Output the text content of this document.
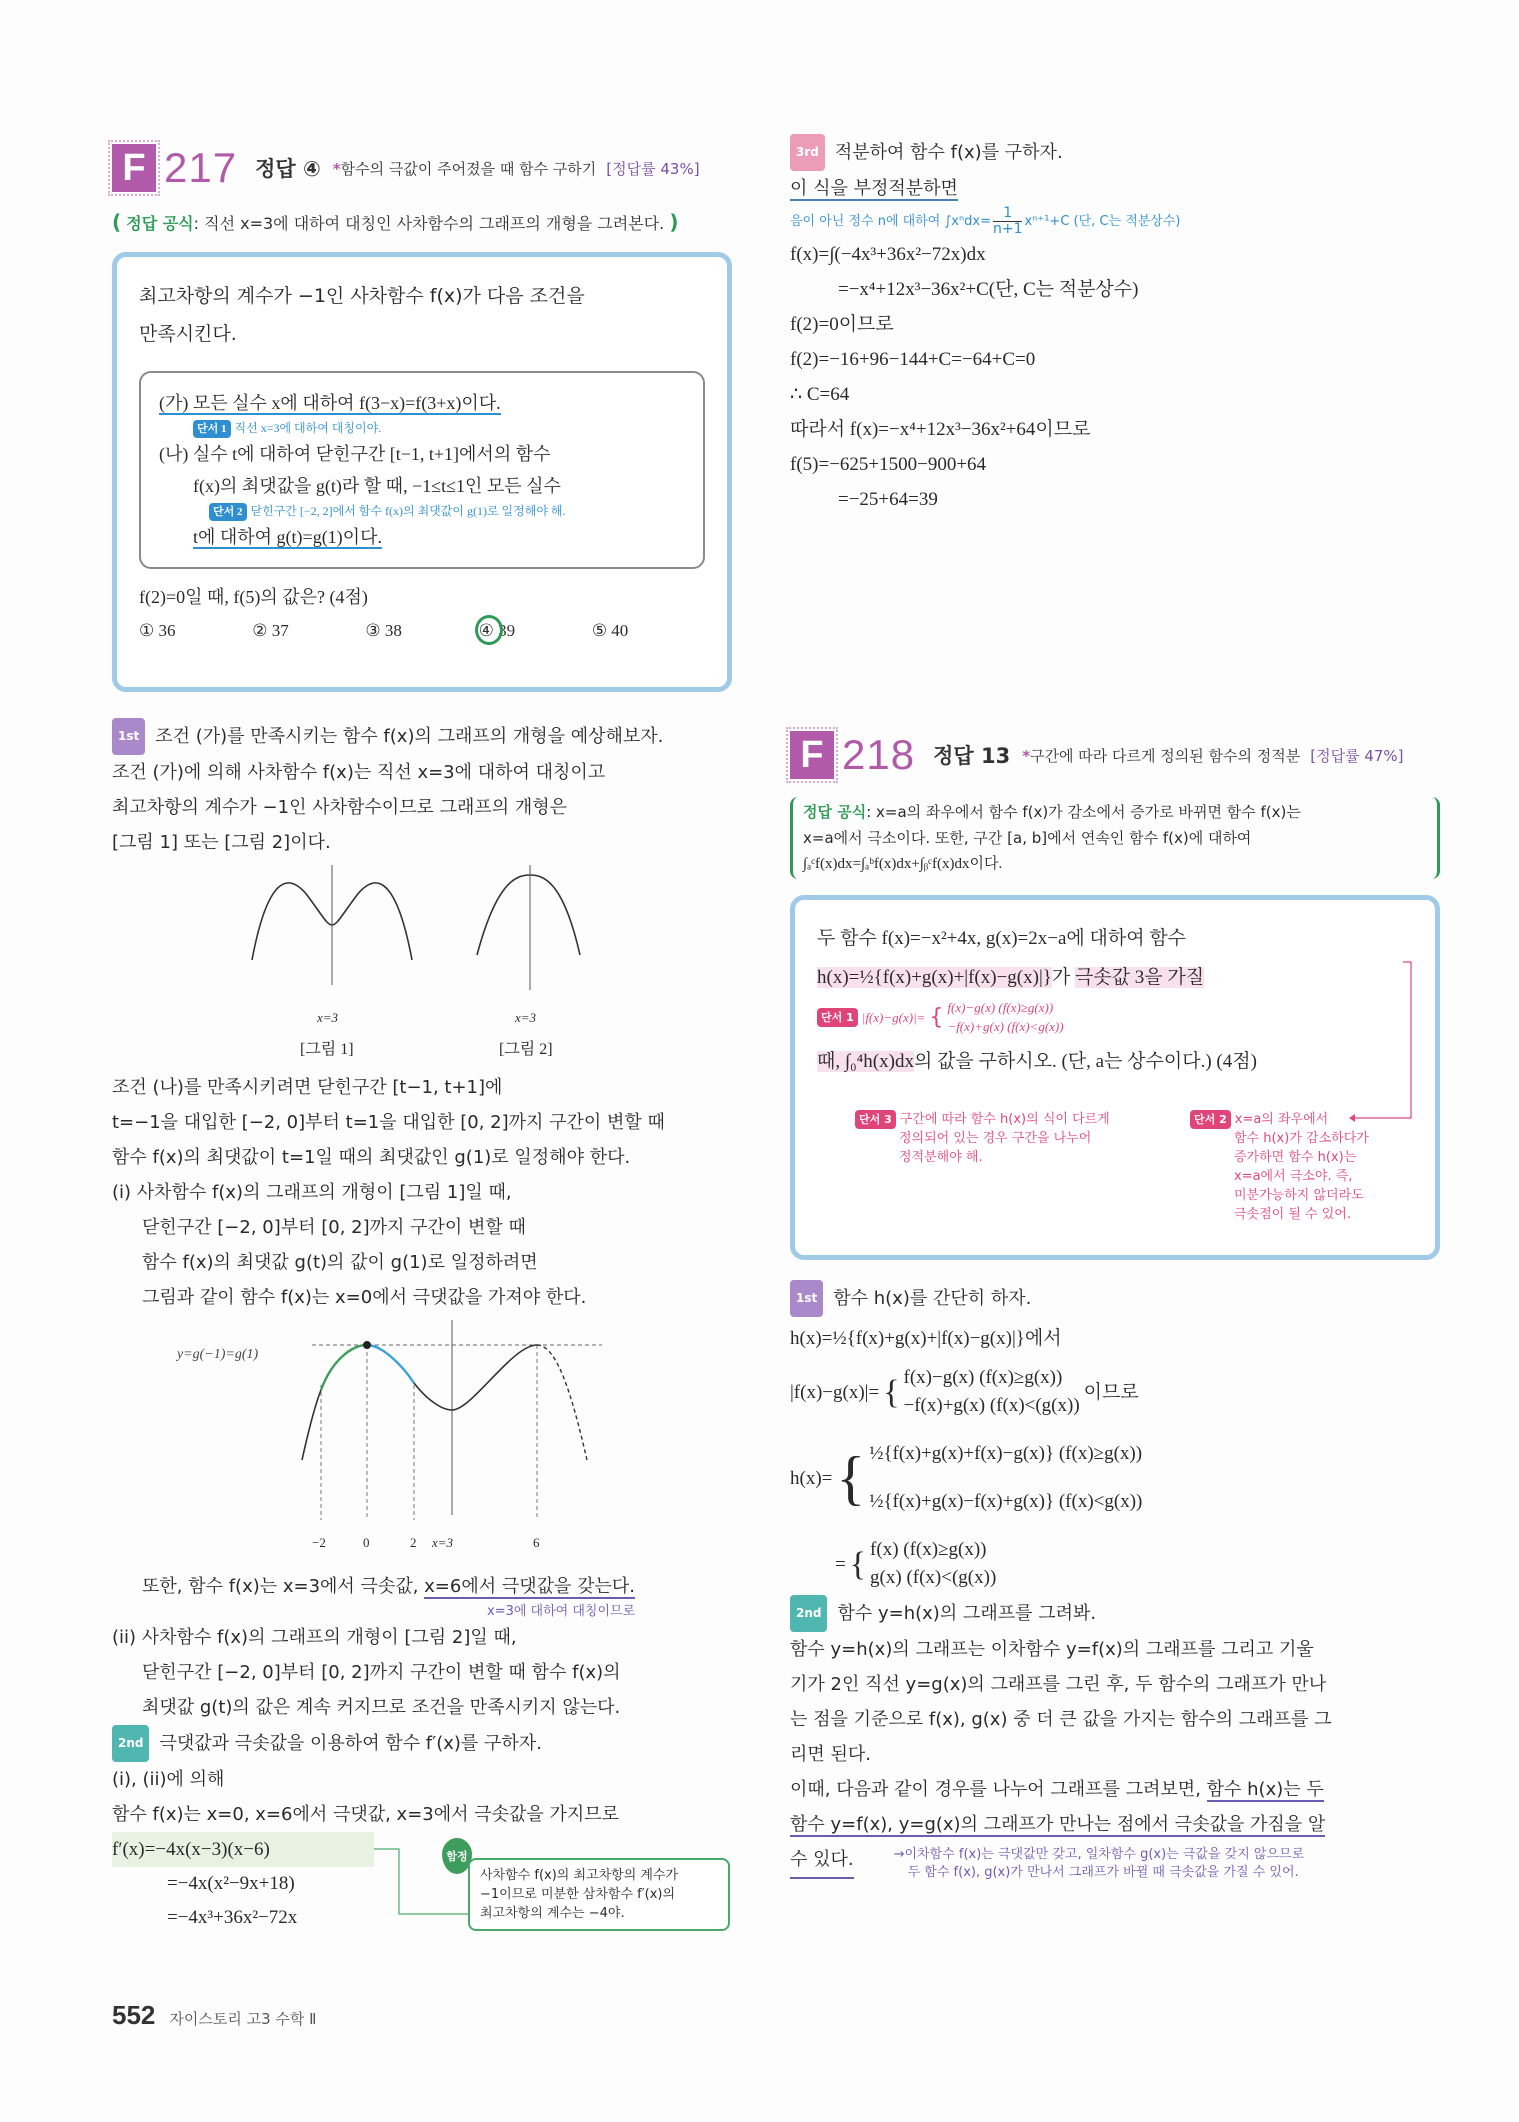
F 217 정답 ④ *함수의 극값이 주어졌을 때 함수 구하기 [정답률 43%]
( 정답 공식: 직선 x=3에 대하여 대칭인 사차함수의 그래프의 개형을 그려본다. )
최고차항의 계수가 −1인 사차함수 f(x)가 다음 조건을
만족시킨다.
(가) 모든 실수 x에 대하여 f(3−x)=f(3+x)이다.
단서 1 직선 x=3에 대하여 대칭이야.
(나) 실수 t에 대하여 닫힌구간 [t−1, t+1]에서의 함수
f(x)의 최댓값을 g(t)라 할 때, −1≤t≤1인 모든 실수
단서 2 닫힌구간 [−2, 2]에서 함수 f(x)의 최댓값이 g(1)로 일정해야 해.
t에 대하여 g(t)=g(1)이다.
f(2)=0일 때, f(5)의 값은? (4점)
① 36	② 37	③ 38	④ 39	⑤ 40
1st 조건 (가)를 만족시키는 함수 f(x)의 그래프의 개형을 예상해보자.
조건 (가)에 의해 사차함수 f(x)는 직선 x=3에 대하여 대칭이고
최고차항의 계수가 −1인 사차함수이므로 그래프의 개형은
[그림 1] 또는 [그림 2]이다.
x=3	x=3
[그림 1]	[그림 2]
조건 (나)를 만족시키려면 닫힌구간 [t−1, t+1]에
t=−1을 대입한 [−2, 0]부터 t=1을 대입한 [0, 2]까지 구간이 변할 때
함수 f(x)의 최댓값이 t=1일 때의 최댓값인 g(1)로 일정해야 한다.
(i) 사차함수 f(x)의 그래프의 개형이 [그림 1]일 때,
닫힌구간 [−2, 0]부터 [0, 2]까지 구간이 변할 때
함수 f(x)의 최댓값 g(t)의 값이 g(1)로 일정하려면
그림과 같이 함수 f(x)는 x=0에서 극댓값을 가져야 한다.
y=g(−1)=g(1)
−2	0	2 x=3	6
또한, 함수 f(x)는 x=3에서 극솟값, x=6에서 극댓값을 갖는다.
x=3에 대하여 대칭이므로
(ii) 사차함수 f(x)의 그래프의 개형이 [그림 2]일 때,
닫힌구간 [−2, 0]부터 [0, 2]까지 구간이 변할 때 함수 f(x)의
최댓값 g(t)의 값은 계속 커지므로 조건을 만족시키지 않는다.
2nd 극댓값과 극솟값을 이용하여 함수 f′(x)를 구하자.
(i), (ii)에 의해
함수 f(x)는 x=0, x=6에서 극댓값, x=3에서 극솟값을 가지므로
f′(x)=−4x(x−3)(x−6)
=−4x(x²−9x+18)
=−4x³+36x²−72x
함정
사차함수 f(x)의 최고차항의 계수가
−1이므로 미분한 삼차함수 f′(x)의
최고차항의 계수는 −4야.
3rd 적분하여 함수 f(x)를 구하자.
이 식을 부정적분하면
음이 아닌 정수 n에 대하여 $\int x^ndx= \frac{1}{n+1} x^{n+1}+C$ (단, C는 적분상수)
f(x)=∫(−4x³+36x²−72x)dx
=−x⁴+12x³−36x²+C(단, C는 적분상수)
f(2)=0이므로
f(2)=−16+96−144+C=−64+C=0
∴ C=64
따라서 f(x)=−x⁴+12x³−36x²+64이므로
f(5)=−625+1500−900+64
=−25+64=39
F 218 정답 13 *구간에 따라 다르게 정의된 함수의 정적분 [정답률 47%]
정답 공식: x=a의 좌우에서 함수 f(x)가 감소에서 증가로 바뀌면 함수 f(x)는
x=a에서 극소이다. 또한, 구간 [a, b]에서 연속인 함수 f(x)에 대하여
∫ₐᶜf(x)dx=∫ₐᵇf(x)dx+∫ᵦᶜf(x)dx이다.
두 함수 f(x)=−x²+4x, g(x)=2x−a에 대하여 함수
h(x)=½{f(x)+g(x)+|f(x)−g(x)|}가 극솟값 3을 가질
단서 1 |f(x)−g(x)|= { f(x)−g(x) (f(x)≥g(x))
−f(x)+g(x) (f(x)<g(x))
때, ∫₀⁴h(x)dx의 값을 구하시오. (단, a는 상수이다.) (4점)
단서 3 구간에 따라 함수 h(x)의 식이 다르게
정의되어 있는 경우 구간을 나누어
정적분해야 해.
단서 2 x=a의 좌우에서
함수 h(x)가 감소하다가
증가하면 함수 h(x)는
x=a에서 극소야. 즉,
미분가능하지 않더라도
극솟점이 될 수 있어.
1st 함수 h(x)를 간단히 하자.
h(x)=½{f(x)+g(x)+|f(x)−g(x)|}에서
|f(x)−g(x)|= { f(x)−g(x) (f(x)≥g(x))
−f(x)+g(x) (f(x)<(g(x))
이므로
h(x)= { ½{f(x)+g(x)+f(x)−g(x)} (f(x)≥g(x))
½{f(x)+g(x)−f(x)+g(x)} (f(x)<g(x))
= { f(x) (f(x)≥g(x))
g(x) (f(x)<(g(x))
2nd 함수 y=h(x)의 그래프를 그려봐.
함수 y=h(x)의 그래프는 이차함수 y=f(x)의 그래프를 그리고 기울
기가 2인 직선 y=g(x)의 그래프를 그린 후, 두 함수의 그래프가 만나
는 점을 기준으로 f(x), g(x) 중 더 큰 값을 가지는 함수의 그래프를 그
리면 된다.
이때, 다음과 같이 경우를 나누어 그래프를 그려보면, 함수 h(x)는 두
함수 y=f(x), y=g(x)의 그래프가 만나는 점에서 극솟값을 가짐을 알
수 있다.	→이차함수 f(x)는 극댓값만 갖고, 일차함수 g(x)는 극값을 갖지 않으므로
두 함수 f(x), g(x)가 만나서 그래프가 바뀔 때 극솟값을 가질 수 있어.
552 자이스토리 고3 수학 Ⅱ
